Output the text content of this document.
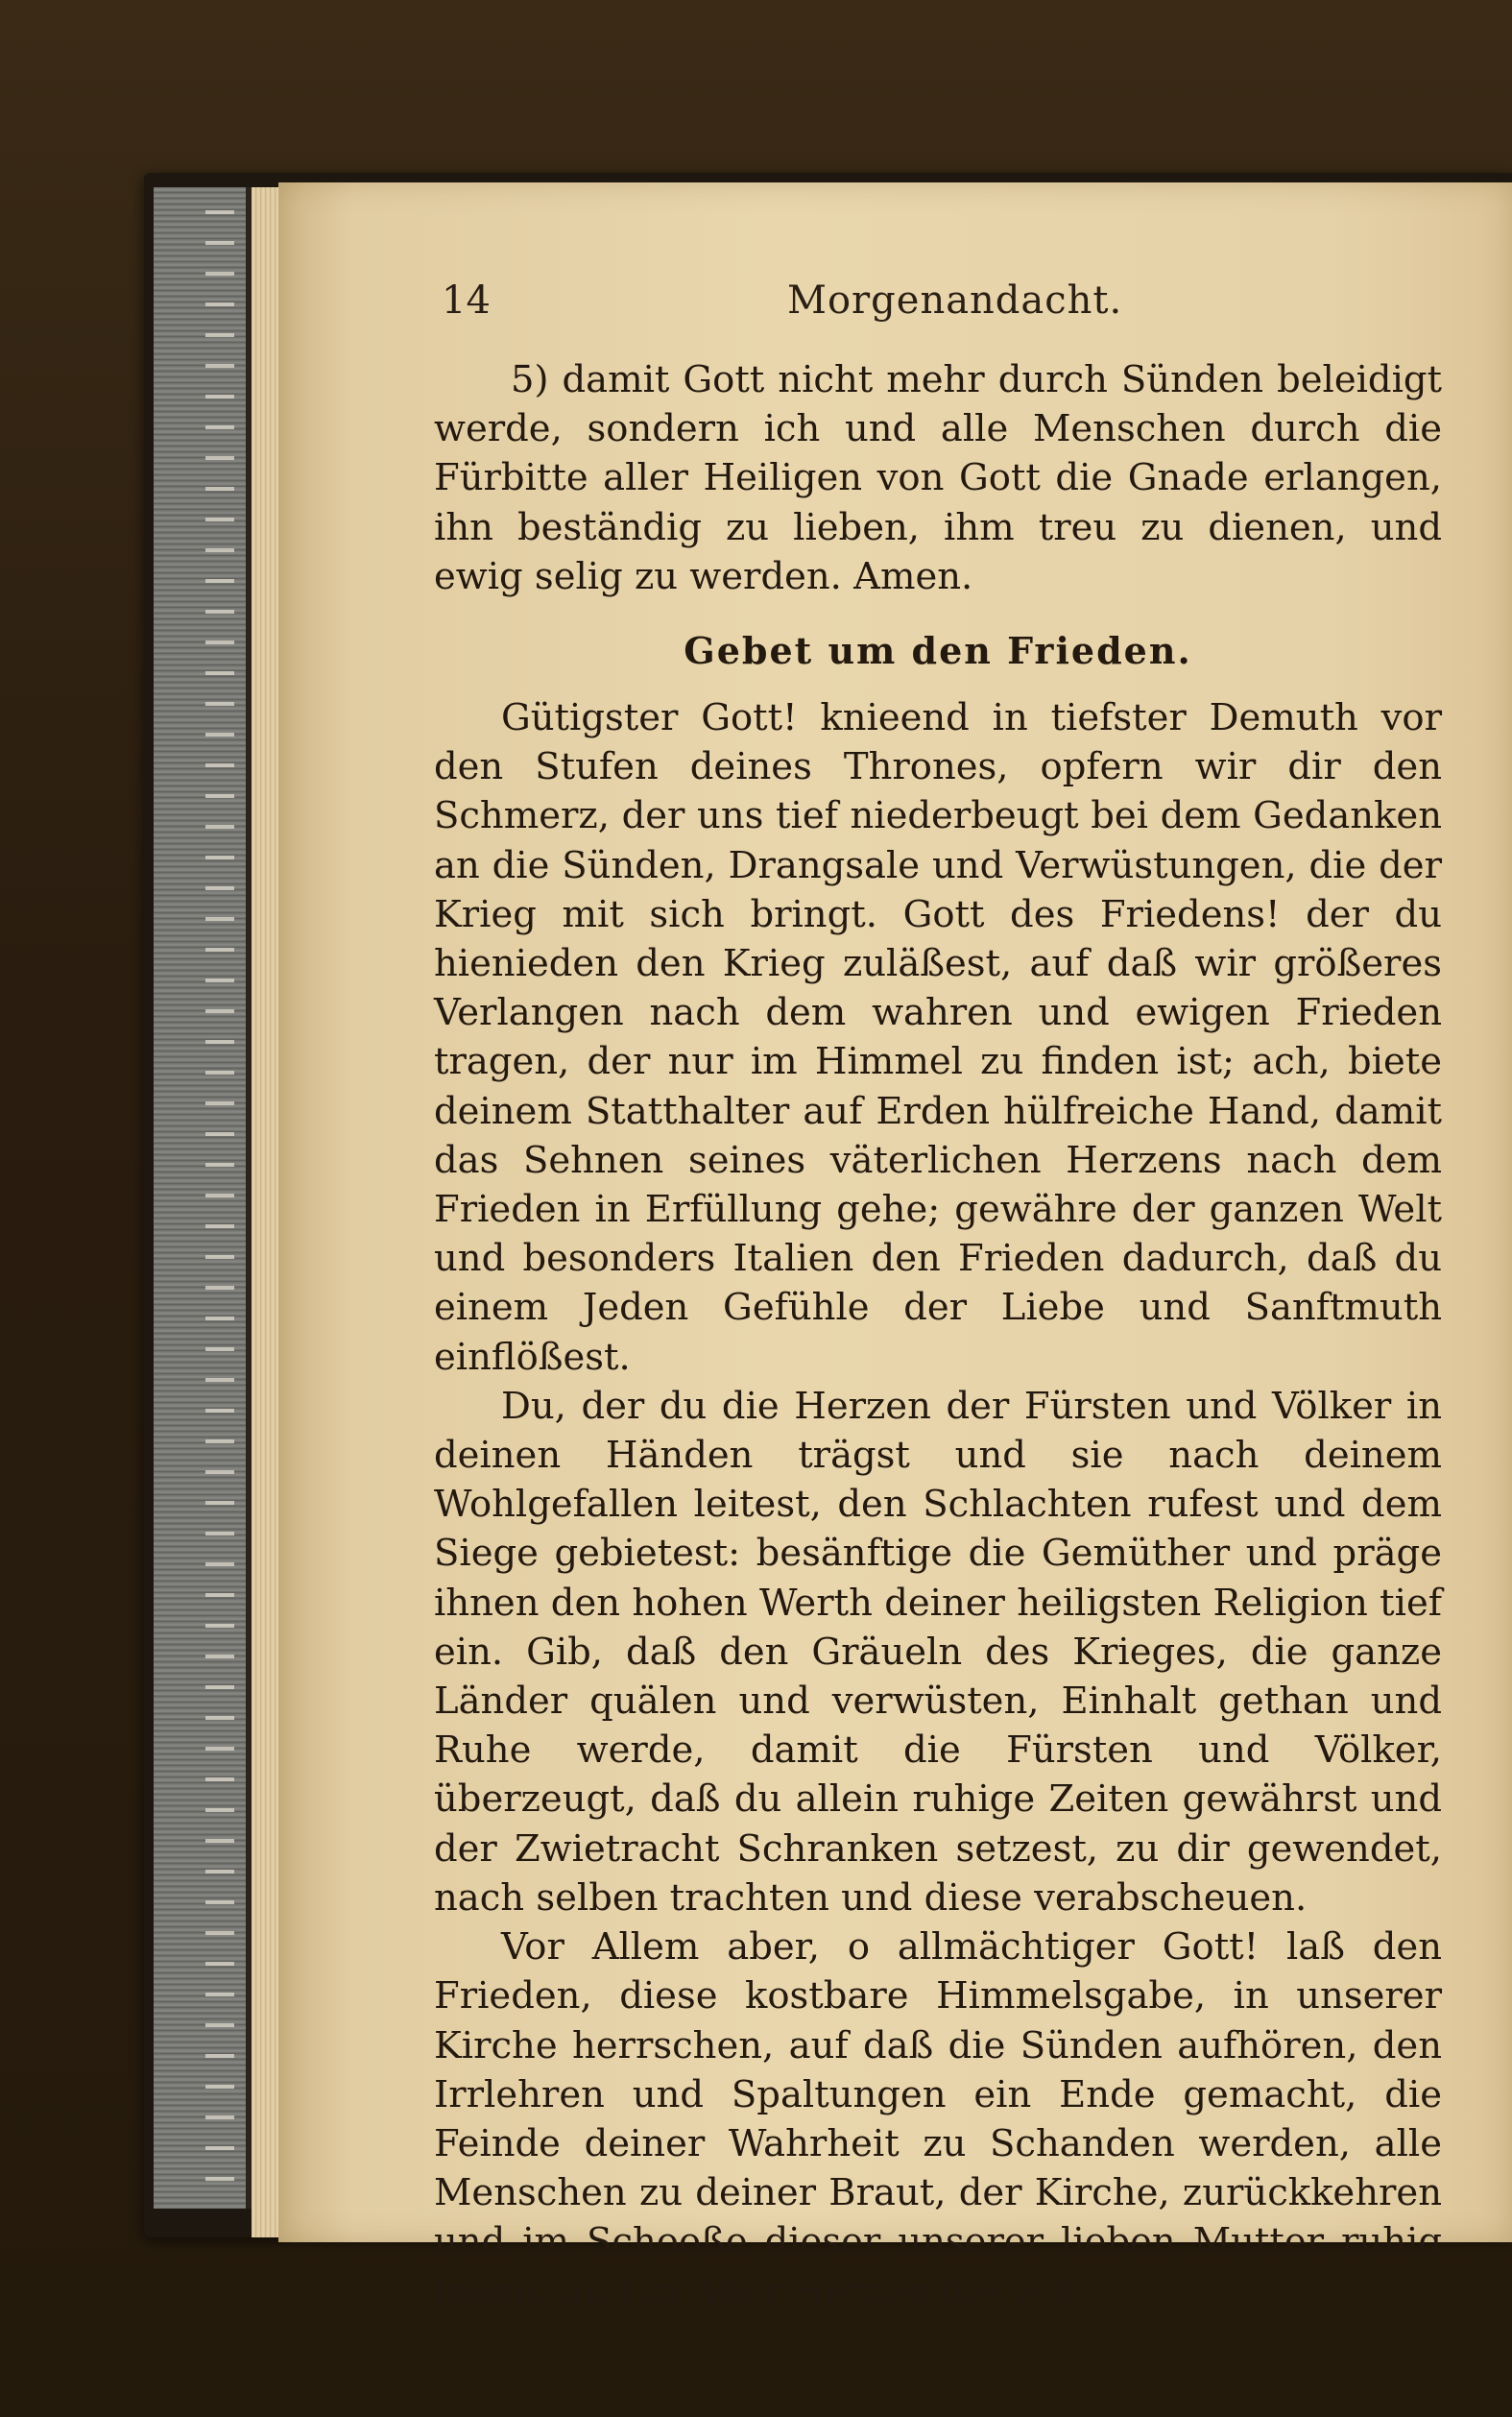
14	Morgenandacht.

5) damit Gott nicht mehr durch Sünden beleidigt werde, sondern ich und alle Menschen durch die Fürbitte aller Heiligen von Gott die Gnade erlangen, ihn beständig zu lieben, ihm treu zu dienen, und ewig selig zu werden. Amen.

Gebet um den Frieden.

Gütigster Gott! knieend in tiefster Demuth vor den Stufen deines Thrones, opfern wir dir den Schmerz, der uns tief niederbeugt bei dem Gedanken an die Sünden, Drangsale und Verwüstungen, die der Krieg mit sich bringt. Gott des Friedens! der du hienieden den Krieg zuläßest, auf daß wir größeres Verlangen nach dem wahren und ewigen Frieden tragen, der nur im Himmel zu finden ist; ach, biete deinem Statthalter auf Erden hülfreiche Hand, damit das Sehnen seines väterlichen Herzens nach dem Frieden in Erfüllung gehe; gewähre der ganzen Welt und besonders Italien den Frieden dadurch, daß du einem Jeden Gefühle der Liebe und Sanftmuth einflößest.

Du, der du die Herzen der Fürsten und Völker in deinen Händen trägst und sie nach deinem Wohlgefallen leitest, den Schlachten rufest und dem Siege gebietest: besänftige die Gemüther und präge ihnen den hohen Werth deiner heiligsten Religion tief ein. Gib, daß den Gräueln des Krieges, die ganze Länder quälen und verwüsten, Einhalt gethan und Ruhe werde, damit die Fürsten und Völker, überzeugt, daß du allein ruhige Zeiten gewährst und der Zwietracht Schranken setzest, zu dir gewendet, nach selben trachten und diese verabscheuen.

Vor Allem aber, o allmächtiger Gott! laß den Frieden, diese kostbare Himmelsgabe, in unserer Kirche herrschen, auf daß die Sünden aufhören, den Irrlehren und Spaltungen ein Ende gemacht, die Feinde deiner Wahrheit zu Schanden werden, alle Menschen zu deiner Braut, der Kirche, zurückkehren und im Schooße dieser unserer lieben Mutter ruhig leben, und in Aller Herzen die voll-
